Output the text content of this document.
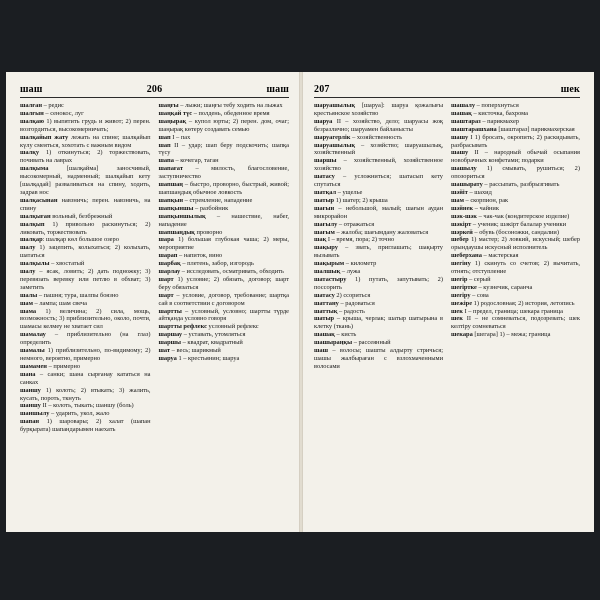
шаш	206	шаш

шалған – редис

шалғын – сенокос, луг

шалқаю 1) выпятить грудь и живот; 2) перен. возгордиться, высокомерничать;

шалқайып жату лежать на спине; шалқайып күлу смеяться, хохотать с важным видом

шалқу 1) откинуться; 2) торжествовать, почивать на лаврах

шалқыма [шалқайма] заносчивый, высокомерный, надменный; шалқайып кету [шалқадай] разваливаться на спину, ходить, задрав нос

шалқасынан навзничь; перен. навзничь, на спину

шалқыған вольный, безбрежный

шалқып 1) привольно раскинуться; 2) ликовать, торжествовать

шалқар: шалқар көл большое озеро

шалу 1) зацепить, колыхаться; 2) колыхать, шататься

шалқылы – хвостатый

шалу – ясак, ловить; 2) дать подножку; 3) перевязать веревку или петлю в обхват; 3) заметить

шалы – пашня; тура, шалпы боязно

шам – лампа; шам свеча

шама 1) величина; 2) сила, мощь, возможность; 3) приблизительно, около, почти, шамасы келмеу не хватает сил

шамалау – приблизительно (на глаз) определить

шамалы 1) приблизительно, по-видимому; 2) немного, вероятно, примерно

шамамен – примерно

шана – санки; шана сырғанау кататься на санках

шаншу 1) колоть; 2) втыкать; 3) жалить, кусать, пороть, ткнуть

шаншу II – колоть, тыкать; шаншу (боль)

шаншылу – ударить, укол, жало

шапан 1) шаровары; 2) халат (шапан бурқырата) шапандарымен наехать

шаңғы – лыжи; шаңғы тебу ходить на лыжах

шаңқай түс – полдень, обеденное время

шаңырақ – купол юрты; 2) перен. дом, очаг; шаңырақ көтеру создавать семью

шап I – пах

шап II – удар; шап беру подскочить; шапқа түсу

шапа – кочегар, таган

шапағат – милость, благословение, заступничество

шапшаң – быстро, проворно, быстрый, живой; шапшаңдық обычное ловкость

шапқын – стремление, нападение

шапқыншы – разбойник

шапқыншылық – нашествие, набег, нападение

шапшаңдық проворно

шара 1) большая глубокая чаша; 2) меры, мероприятие

шарап – напиток, вино

шарбақ – плетень, забор, изгородь

шарлау – исследовать, осматривать, обходить

шарт 1) условие; 2) обязать, договор; шарт беру обязаться

шарт – условие, договор, требование; шартқа сай в соответствии с договором

шартты – условный, условно; шартты түрде айтқанда условно говоря

шартты рефлекс условный рефлекс

шаршау – уставать, утомляться

шаршы – квадрат, квадратный

шат – весь; шарикмый

шаруа 1 – крестьянин; шаруа

207	шек

шаруашылық [шаруа]: шаруа қожалығы крестьянское хозяйство

шаруа II – хозяйство, дело; шаруасы жоқ безразлично; шаруамен байланысты

шаруагерлік – хозяйственность

шаруашылық – хозяйство; шаруашылық, хозяйственный

шаршы – хозяйственный, хозяйственное хозяйство

шатасу – усложниться; шатасып кету спутаться

шатқал – ущелье

шатыр 1) шатер; 2) крыша

шағын – небольшой, малый; шағын аудан микрорайон

шағылу – отражаться

шағым – жалоба; шағымдану жаловаться

шақ I – время, пора; 2) точно

шақыру – звать, приглашать; шақырту вызывать

шақырым – километр

шалшық – лужа

шатастыру 1) путать, запутывать; 2) поссорить

шатасу 2) ссориться

шаттану – радоваться

шаттық – радость

шатыр – крыша, черлак; шатыр шатырына в клетку (ткань)

шашақ – кисть

шашыраңқы – рассеянный

шаш – волосы; шашты алдырту стричься; шашы жалбыраған с взлохмаченными волосами

шашалу – поперхнуться

шашақ – кисточка, бахрома

шаштараз – парикмахер

шаштарашхана [шаштараз] парикмахерская

шашу I 1) бросать, окропить; 2) раскидывать, разбрасывать

шашу II – народный обычай осыпания новобрачных конфетами; подарки

шашылу 1) смывать, рушиться; 2) опозориться

шашырату – рассыпать, разбрызгивать

шәйіт – шахид

шам – скорпион, рак

шәйнек – чайник

шәк-шәк – чак-чак (кондитерское изделие)

шәкірт – ученик; шәкірт балалар ученики

шәркей – обувь (босоножки, сандалии)

шебер 1) мастер; 2) ловкий, искусный; шебер орындаушы искусный исполнитель

шеберхана – мастерская

шегіну 1) скинуть со счетов; 2) вычитать, отнять; отступление

шеғір – серый

шеғіртке – кузнечик, саранча

шеғіру – сова

шежіре 1) родословная; 2) история, летопись

шек I – предел, граница; шекара граница

шек II – не сомневаться, подозревать; шек келтіру сомневаться

шекара [шегара] 1) – межа; граница
